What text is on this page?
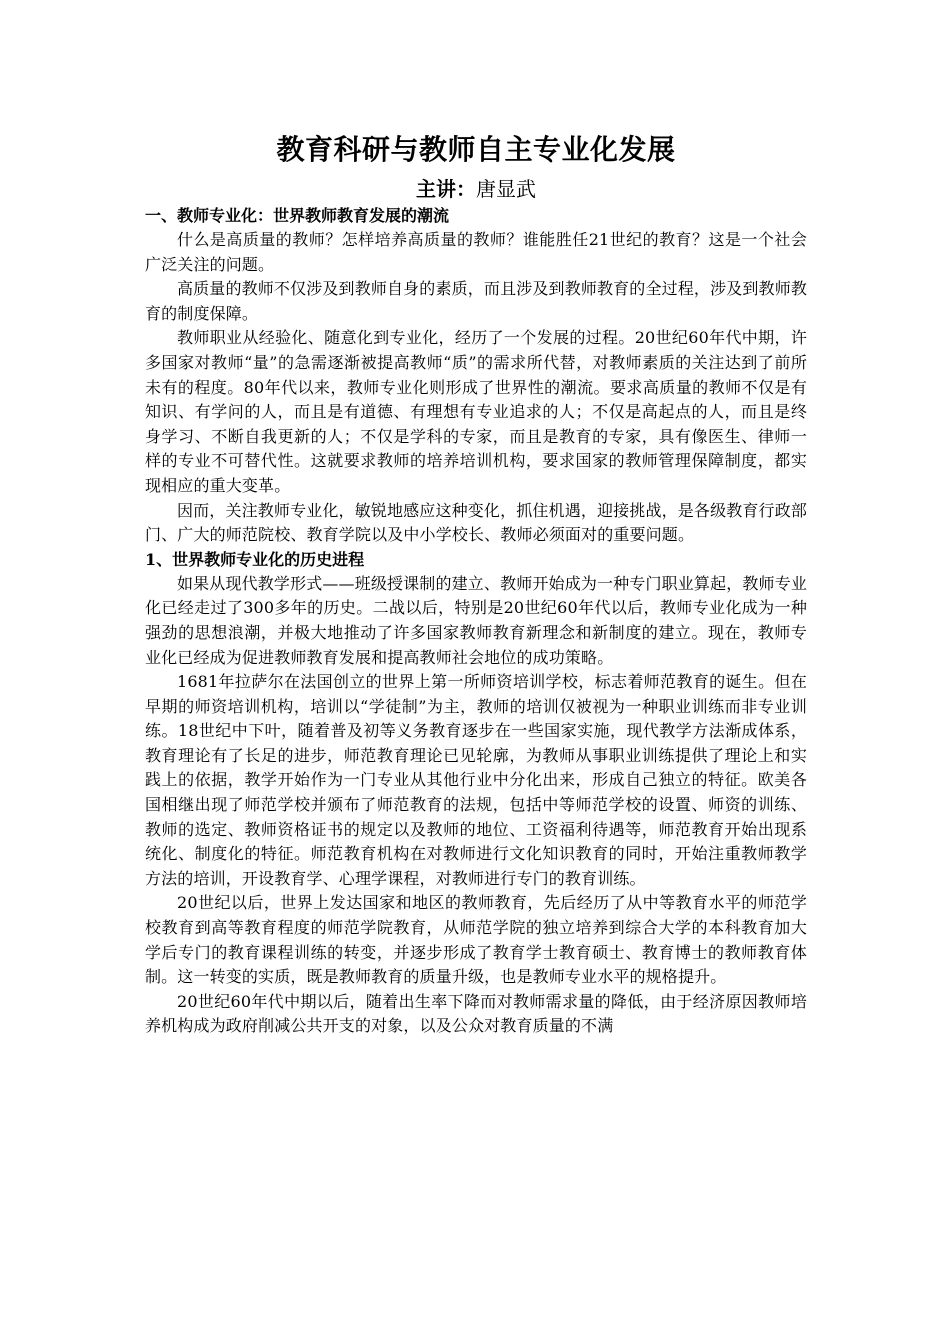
教育科研与教师自主专业化发展
主讲：唐显武

一、教师专业化：世界教师教育发展的潮流

什么是高质量的教师？怎样培养高质量的教师？谁能胜任21世纪的教育？这是一个社会广泛关注的问题。

高质量的教师不仅涉及到教师自身的素质，而且涉及到教师教育的全过程，涉及到教师教育的制度保障。

教师职业从经验化、随意化到专业化，经历了一个发展的过程。20世纪60年代中期，许多国家对教师“量”的急需逐渐被提高教师“质”的需求所代替，对教师素质的关注达到了前所未有的程度。80年代以来，教师专业化则形成了世界性的潮流。要求高质量的教师不仅是有知识、有学问的人，而且是有道德、有理想有专业追求的人；不仅是高起点的人，而且是终身学习、不断自我更新的人；不仅是学科的专家，而且是教育的专家，具有像医生、律师一样的专业不可替代性。这就要求教师的培养培训机构，要求国家的教师管理保障制度，都实现相应的重大变革。

因而，关注教师专业化，敏锐地感应这种变化，抓住机遇，迎接挑战，是各级教育行政部门、广大的师范院校、教育学院以及中小学校长、教师必须面对的重要问题。

1、世界教师专业化的历史进程

如果从现代教学形式——班级授课制的建立、教师开始成为一种专门职业算起，教师专业化已经走过了300多年的历史。二战以后，特别是20世纪60年代以后，教师专业化成为一种强劲的思想浪潮，并极大地推动了许多国家教师教育新理念和新制度的建立。现在，教师专业化已经成为促进教师教育发展和提高教师社会地位的成功策略。

1681年拉萨尔在法国创立的世界上第一所师资培训学校，标志着师范教育的诞生。但在早期的师资培训机构，培训以“学徒制”为主，教师的培训仅被视为一种职业训练而非专业训练。18世纪中下叶，随着普及初等义务教育逐步在一些国家实施，现代教学方法渐成体系，教育理论有了长足的进步，师范教育理论已见轮廓，为教师从事职业训练提供了理论上和实践上的依据，教学开始作为一门专业从其他行业中分化出来，形成自己独立的特征。欧美各国相继出现了师范学校并颁布了师范教育的法规，包括中等师范学校的设置、师资的训练、教师的选定、教师资格证书的规定以及教师的地位、工资福利待遇等，师范教育开始出现系统化、制度化的特征。师范教育机构在对教师进行文化知识教育的同时，开始注重教师教学方法的培训，开设教育学、心理学课程，对教师进行专门的教育训练。

20世纪以后，世界上发达国家和地区的教师教育，先后经历了从中等教育水平的师范学校教育到高等教育程度的师范学院教育，从师范学院的独立培养到综合大学的本科教育加大学后专门的教育课程训练的转变，并逐步形成了教育学士教育硕士、教育博士的教师教育体制。这一转变的实质，既是教师教育的质量升级，也是教师专业水平的规格提升。

20世纪60年代中期以后，随着出生率下降而对教师需求量的降低，由于经济原因教师培养机构成为政府削减公共开支的对象，以及公众对教育质量的不满
